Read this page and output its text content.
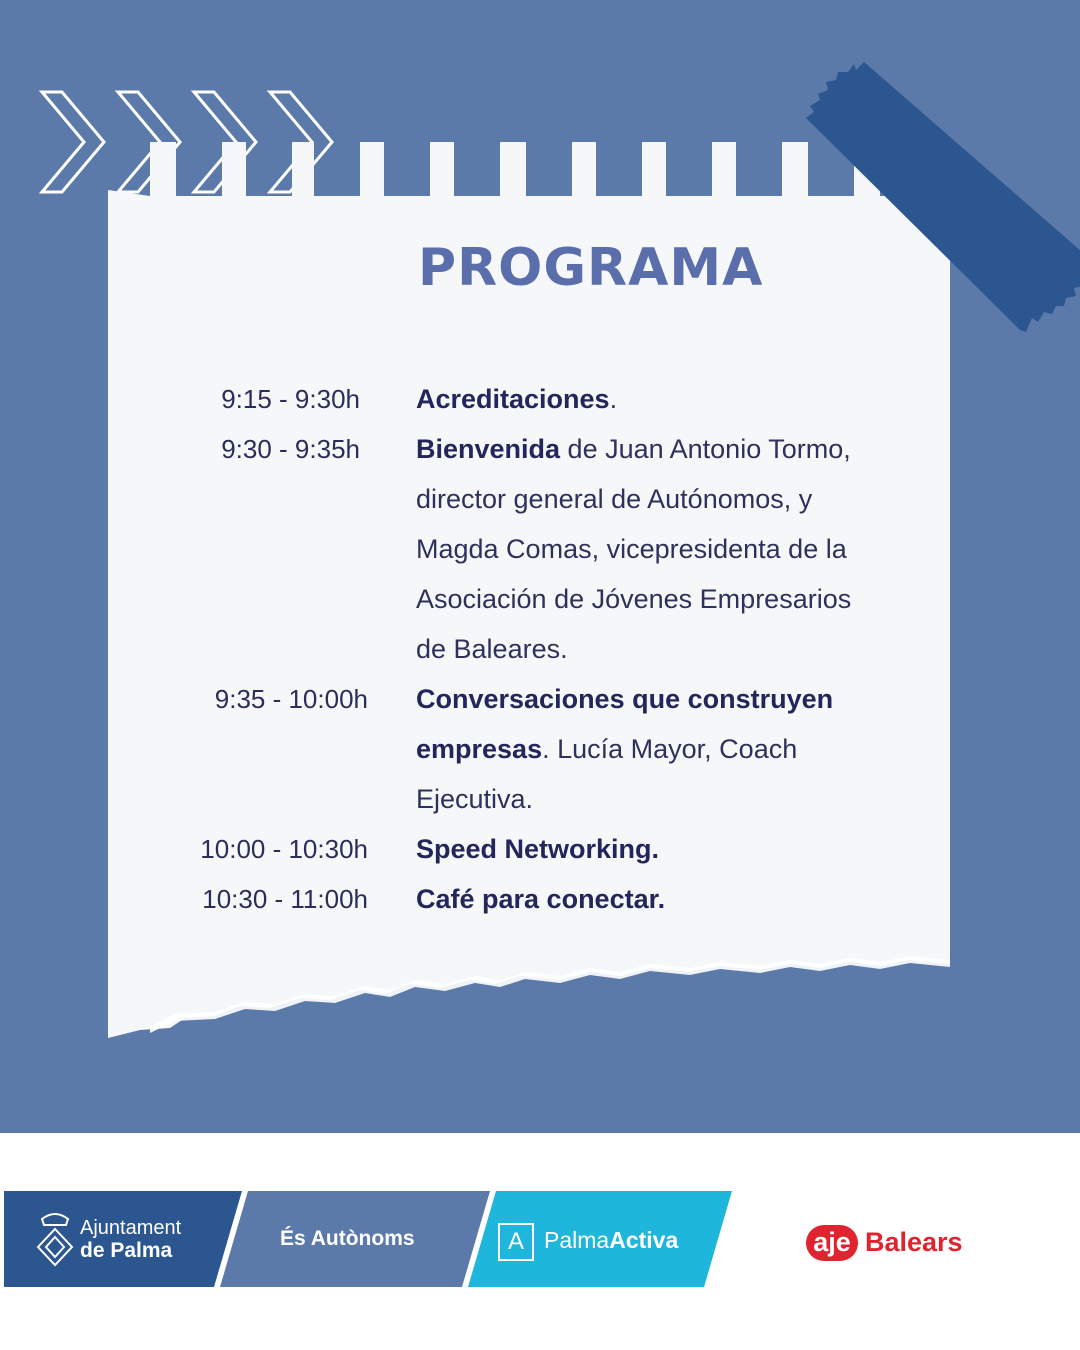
PROGRAMA
9:15 - 9:30h Acreditaciones.
9:30 - 9:35h Bienvenida de Juan Antonio Tormo,
director general de Autónomos, y
Magda Comas, vicepresidenta de la
Asociación de Jóvenes Empresarios
de Baleares.
9:35 - 10:00h Conversaciones que construyen
empresas. Lucía Mayor, Coach
Ejecutiva.
10:00 - 10:30h Speed Networking.
10:30 - 11:00h Café para conectar.
Ajuntament
de Palma
És Autònoms	A PalmaActiva	aje Balears
